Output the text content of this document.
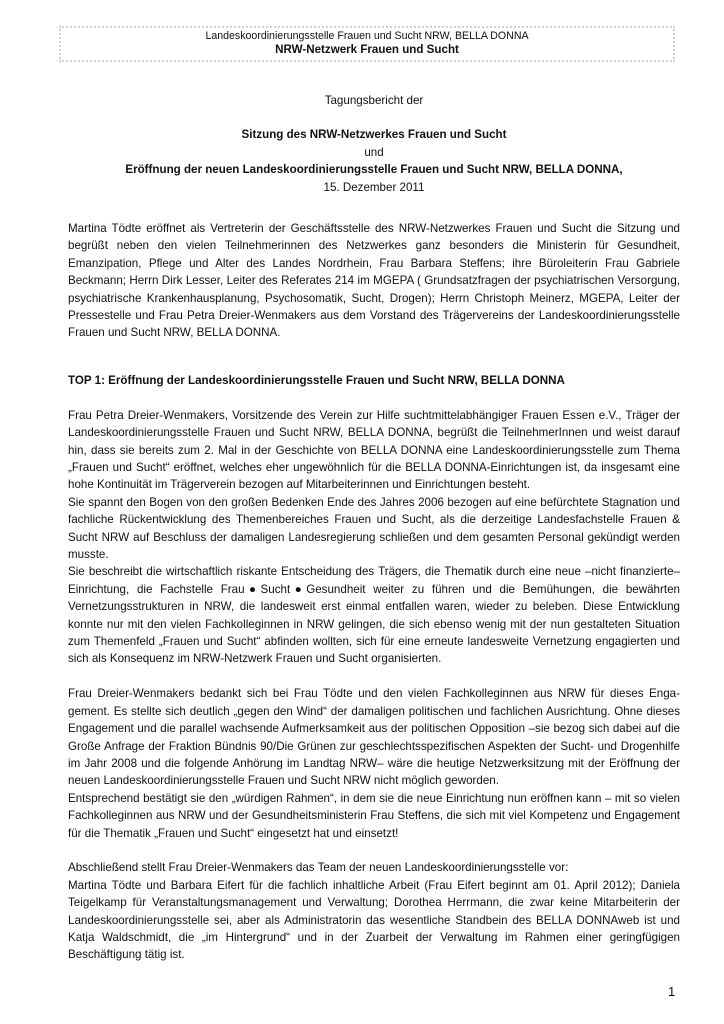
Landeskoordinierungsstelle Frauen und Sucht NRW, BELLA DONNA
NRW-Netzwerk Frauen und Sucht
Tagungsbericht der
Sitzung des NRW-Netzwerkes Frauen und Sucht
und
Eröffnung der neuen Landeskoordinierungsstelle Frauen und Sucht NRW, BELLA DONNA,
15. Dezember 2011

Martina Tödte eröffnet als Vertreterin der Geschäftsstelle des NRW-Netzwerkes Frauen und Sucht die Sitzung und begrüßt neben den vielen Teilnehmerinnen des Netzwerkes ganz besonders die Ministerin für Gesundheit, Emanzipation, Pflege und Alter des Landes Nordrhein, Frau Barbara Steffens; ihre Büroleiterin Frau Gabriele Beckmann; Herrn Dirk Lesser, Leiter des Referates 214 im MGEPA ( Grundsatzfragen der psychiatrischen Versorgung, psychiatrische Krankenhausplanung, Psychosomatik, Sucht, Drogen); Herrn Christoph Meinerz, MGEPA, Leiter der Pressestelle und Frau Petra Dreier-Wenmakers aus dem Vorstand des Trägervereins der Landeskoordinierungsstelle Frauen und Sucht NRW, BELLA DONNA.

TOP 1: Eröffnung der Landeskoordinierungsstelle Frauen und Sucht NRW, BELLA DONNA

Frau Petra Dreier-Wenmakers, Vorsitzende des Verein zur Hilfe suchtmittelabhängiger Frauen Essen e.V., Träger der Landeskoordinierungsstelle Frauen und Sucht NRW, BELLA DONNA, begrüßt die TeilnehmerInnen und weist darauf hin, dass sie bereits zum 2. Mal in der Geschichte von BELLA DONNA eine Landeskoordinierungsstelle zum Thema „Frauen und Sucht“ eröffnet, welches eher ungewöhnlich für die BELLA DONNA-Einrichtungen ist, da insgesamt eine hohe Kontinuität im Trägerverein bezogen auf Mitarbeiterinnen und Einrichtungen besteht.

Sie spannt den Bogen von den großen Bedenken Ende des Jahres 2006 bezogen auf eine befürchtete Stagnation und fachliche Rückentwicklung des Themenbereiches Frauen und Sucht, als die derzeitige Landesfachstelle Frauen & Sucht NRW auf Beschluss der damaligen Landesregierung schließen und dem gesamten Personal gekündigt werden musste.

Sie beschreibt die wirtschaftlich riskante Entscheidung des Trägers, die Thematik durch eine neue –nicht finanzierte– Einrichtung, die Fachstelle Frau●Sucht●Gesundheit weiter zu führen und die Bemühungen, die bewährten Vernetzungsstrukturen in NRW, die landesweit erst einmal entfallen waren, wieder zu beleben. Diese Entwicklung konnte nur mit den vielen Fachkolleginnen in NRW gelingen, die sich ebenso wenig mit der nun gestalteten Situation zum Themenfeld „Frauen und Sucht“ abfinden wollten, sich für eine erneute landesweite Vernetzung engagierten und sich als Konsequenz im NRW-Netzwerk Frauen und Sucht organisierten.

Frau Dreier-Wenmakers bedankt sich bei Frau Tödte und den vielen Fachkolleginnen aus NRW für dieses Engagement. Es stellte sich deutlich „gegen den Wind“ der damaligen politischen und fachlichen Ausrichtung. Ohne dieses Engagement und die parallel wachsende Aufmerksamkeit aus der politischen Opposition –sie bezog sich dabei auf die Große Anfrage der Fraktion Bündnis 90/Die Grünen zur geschlechtsspezifischen Aspekten der Sucht- und Drogenhilfe im Jahr 2008 und die folgende Anhörung im Landtag NRW– wäre die heutige Netzwerksitzung mit der Eröffnung der neuen Landeskoordinierungsstelle Frauen und Sucht NRW nicht möglich geworden.

Entsprechend bestätigt sie den „würdigen Rahmen“, in dem sie die neue Einrichtung nun eröffnen kann – mit so vielen Fachkolleginnen aus NRW und der Gesundheitsministerin Frau Steffens, die sich mit viel Kompetenz und Engagement für die Thematik „Frauen und Sucht“ eingesetzt hat und einsetzt!

Abschließend stellt Frau Dreier-Wenmakers das Team der neuen Landeskoordinierungsstelle vor:

Martina Tödte und Barbara Eifert für die fachlich inhaltliche Arbeit (Frau Eifert beginnt am 01. April 2012); Daniela Teigelkamp für Veranstaltungsmanagement und Verwaltung; Dorothea Herrmann, die zwar keine Mitarbeiterin der Landeskoordinierungsstelle sei, aber als Administratorin das wesentliche Standbein des BELLA DONNAweb ist und Katja Waldschmidt, die „im Hintergrund“ und in der Zuarbeit der Verwaltung im Rahmen einer geringfügigen Beschäftigung tätig ist.

1
